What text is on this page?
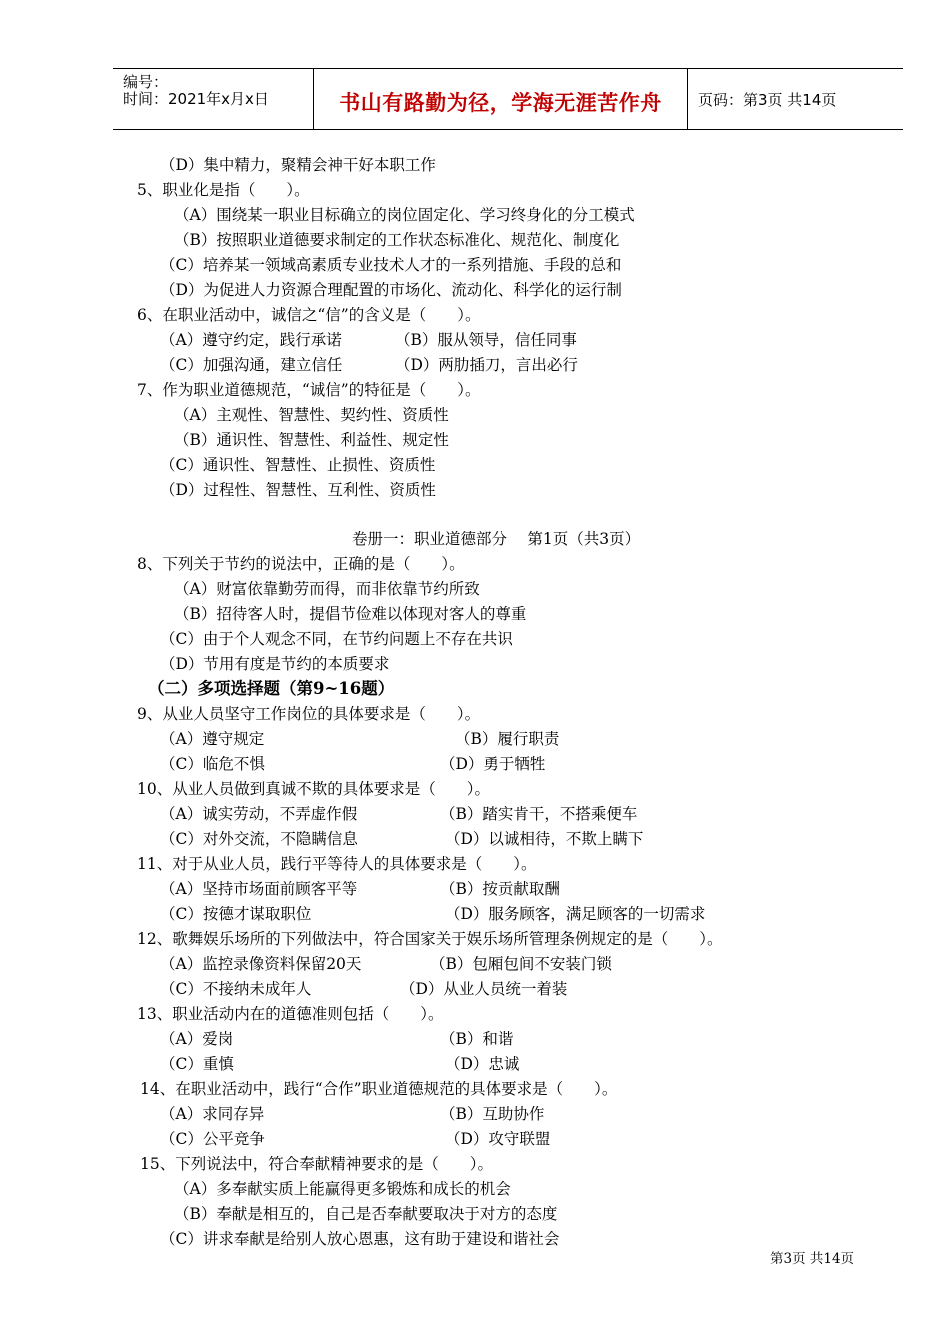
编号：
时间：2021年x月x日	书山有路勤为径，学海无涯苦作舟	页码：第3页 共14页
（D）集中精力，聚精会神干好本职工作
5、职业化是指（　　）。
（A）围绕某一职业目标确立的岗位固定化、学习终身化的分工模式
（B）按照职业道德要求制定的工作状态标准化、规范化、制度化
（C）培养某一领域高素质专业技术人才的一系列措施、手段的总和
（D）为促进人力资源合理配置的市场化、流动化、科学化的运行制
6、在职业活动中，诚信之“信”的含义是（　　）。
（A）遵守约定，践行承诺	（B）服从领导，信任同事
（C）加强沟通，建立信任	（D）两肋插刀，言出必行
7、作为职业道德规范，“诚信”的特征是（　　）。
（A）主观性、智慧性、契约性、资质性
（B）通识性、智慧性、利益性、规定性
（C）通识性、智慧性、止损性、资质性
（D）过程性、智慧性、互利性、资质性
卷册一：职业道德部分　 第1页（共3页）
8、下列关于节约的说法中，正确的是（　　）。
（A）财富依靠勤劳而得，而非依靠节约所致
（B）招待客人时，提倡节俭难以体现对客人的尊重
（C）由于个人观念不同，在节约问题上不存在共识
（D）节用有度是节约的本质要求
（二）多项选择题（第9~16题）
9、从业人员坚守工作岗位的具体要求是（　　）。
（A）遵守规定	（B）履行职责
（C）临危不惧	（D）勇于牺牲
10、从业人员做到真诚不欺的具体要求是（　　）。
（A）诚实劳动，不弄虚作假	（B）踏实肯干，不搭乘便车
（C）对外交流，不隐瞒信息	（D）以诚相待，不欺上瞒下
11、对于从业人员，践行平等待人的具体要求是（　　）。
（A）坚持市场面前顾客平等	（B）按贡献取酬
（C）按德才谋取职位	（D）服务顾客，满足顾客的一切需求
12、歌舞娱乐场所的下列做法中，符合国家关于娱乐场所管理条例规定的是（　　）。
（A）监控录像资料保留20天	（B）包厢包间不安装门锁
（C）不接纳未成年人	（D）从业人员统一着装
13、职业活动内在的道德准则包括（　　）。
（A）爱岗	（B）和谐
（C）重慎	（D）忠诚
14、在职业活动中，践行“合作”职业道德规范的具体要求是（　　）。
（A）求同存异	（B）互助协作
（C）公平竞争	（D）攻守联盟
15、下列说法中，符合奉献精神要求的是（　　）。
（A）多奉献实质上能赢得更多锻炼和成长的机会
（B）奉献是相互的，自己是否奉献要取决于对方的态度
（C）讲求奉献是给别人放心恩惠，这有助于建设和谐社会
第3页 共14页
